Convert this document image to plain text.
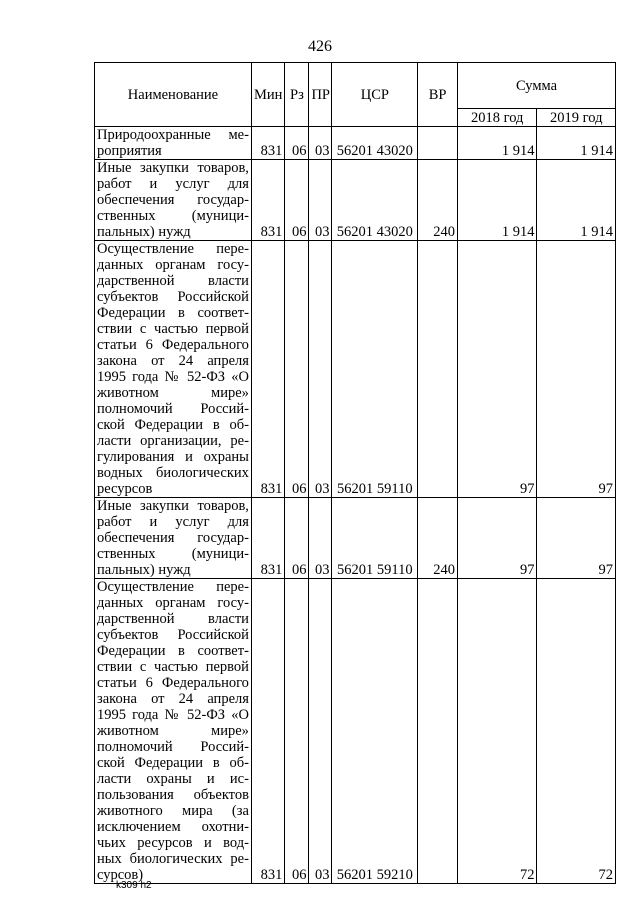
426
Наименование	Мин	Рз	ПР	ЦСР	ВР	Сумма	
						2018 год	2019 год
Природоохранные ме-роприятия	831	06	03	56201 43020		1 914	1 914
Иные закупки товаров, работ и услуг для обеспечения государ-ственных (муници-пальных) нужд	831	06	03	56201 43020	240	1 914	1 914
Осуществление пере-данных органам госу-дарственной власти субъектов Российской Федерации в соответ-ствии с частью первой статьи 6 Федерального закона от 24 апреля 1995 года № 52-ФЗ «О животном мире» полномочий Россий-ской Федерации в об-ласти организации, ре-гулирования и охраны водных биологических ресурсов	831	06	03	56201 59110		97	97
Иные закупки товаров, работ и услуг для обеспечения государ-ственных (муници-пальных) нужд	831	06	03	56201 59110	240	97	97
Осуществление пере-данных органам госу-дарственной власти субъектов Российской Федерации в соответ-ствии с частью первой статьи 6 Федерального закона от 24 апреля 1995 года № 52-ФЗ «О животном мире» полномочий Россий-ской Федерации в об-ласти охраны и ис-пользования объектов животного мира (за исключением охотни-чьих ресурсов и вод-ных биологических ре-сурсов)	831	06	03	56201 59210		72	72
k309 h2
